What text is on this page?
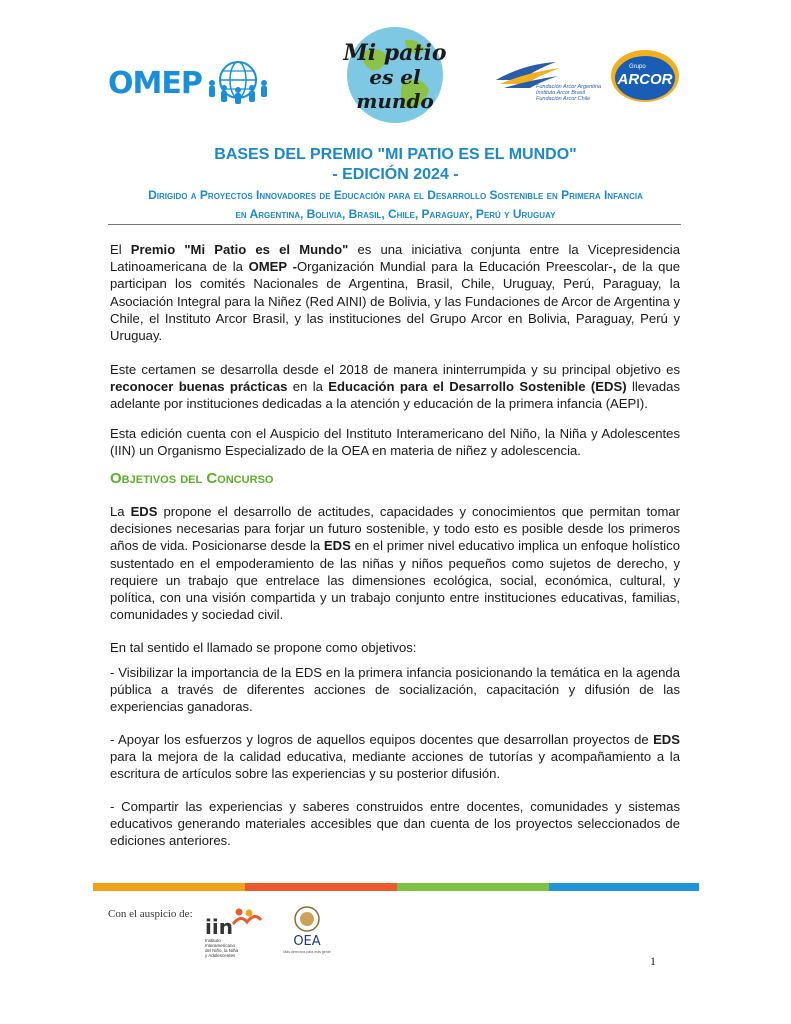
OMEP
Mi patio
es el
mundo
Fundación Arcor Argentina
Instituto Arcor Brasil
Fundación Arcor Chile
Grupo
ARCOR
BASES DEL PREMIO "MI PATIO ES EL MUNDO"
- EDICIÓN 2024 -
Dirigido a Proyectos Innovadores de Educación para el Desarrollo Sostenible en Primera Infancia
en Argentina, Bolivia, Brasil, Chile, Paraguay, Perú y Uruguay
El Premio "Mi Patio es el Mundo" es una iniciativa conjunta entre la Vicepresidencia Latinoamericana de la OMEP -Organización Mundial para la Educación Preescolar-, de la que participan los comités Nacionales de Argentina, Brasil, Chile, Uruguay, Perú, Paraguay, la Asociación Integral para la Niñez (Red AINI) de Bolivia, y las Fundaciones de Arcor de Argentina y Chile, el Instituto Arcor Brasil, y las instituciones del Grupo Arcor en Bolivia, Paraguay, Perú y Uruguay.
Este certamen se desarrolla desde el 2018 de manera ininterrumpida y su principal objetivo es reconocer buenas prácticas en la Educación para el Desarrollo Sostenible (EDS) llevadas adelante por instituciones dedicadas a la atención y educación de la primera infancia (AEPI).
Esta edición cuenta con el Auspicio del Instituto Interamericano del Niño, la Niña y Adolescentes (IIN) un Organismo Especializado de la OEA en materia de niñez y adolescencia.
Objetivos del Concurso
La EDS propone el desarrollo de actitudes, capacidades y conocimientos que permitan tomar decisiones necesarias para forjar un futuro sostenible, y todo esto es posible desde los primeros años de vida. Posicionarse desde la EDS en el primer nivel educativo implica un enfoque holístico sustentado en el empoderamiento de las niñas y niños pequeños como sujetos de derecho, y requiere un trabajo que entrelace las dimensiones ecológica, social, económica, cultural, y política, con una visión compartida y un trabajo conjunto entre instituciones educativas, familias, comunidades y sociedad civil.
En tal sentido el llamado se propone como objetivos:
- Visibilizar la importancia de la EDS en la primera infancia posicionando la temática en la agenda pública a través de diferentes acciones de socialización, capacitación y difusión de las experiencias ganadoras.
- Apoyar los esfuerzos y logros de aquellos equipos docentes que desarrollan proyectos de EDS para la mejora de la calidad educativa, mediante acciones de tutorías y acompañamiento a la escritura de artículos sobre las experiencias y su posterior difusión.
- Compartir las experiencias y saberes construidos entre docentes, comunidades y sistemas educativos generando materiales accesibles que dan cuenta de los proyectos seleccionados de ediciones anteriores.
Con el auspicio de:
iin
Instituto
Interamericano
del Niño, la Niña
y Adolescentes
OEA
Más derechos para más gente
1
